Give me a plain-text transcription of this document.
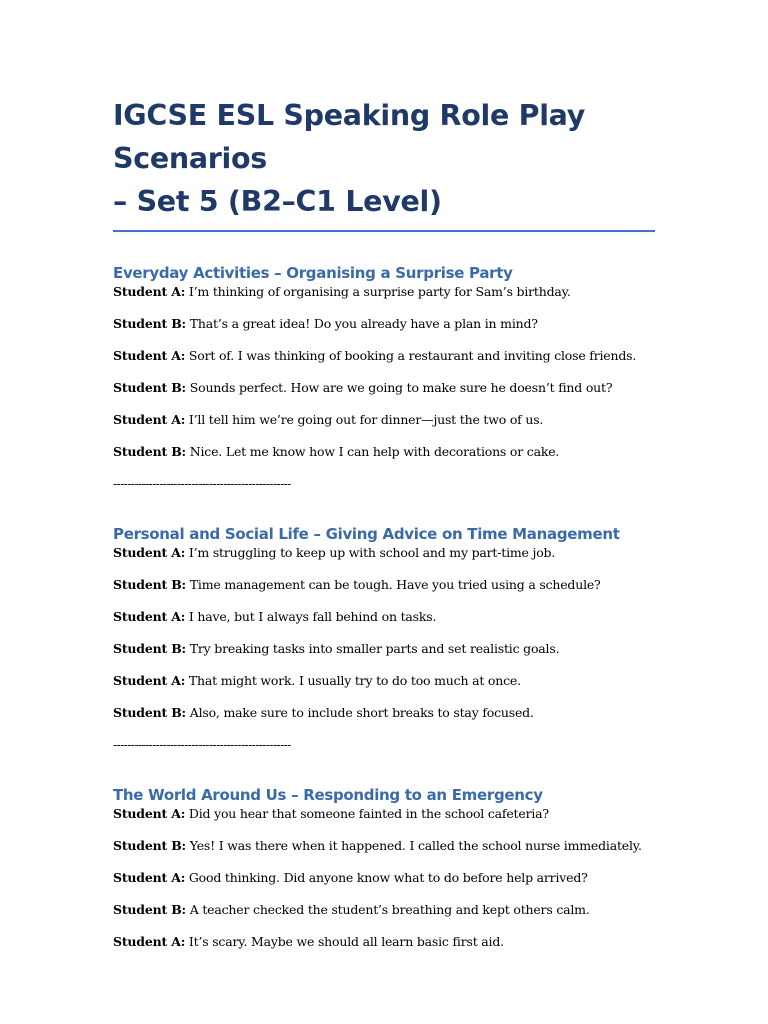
IGCSE ESL Speaking Role Play Scenarios
– Set 5 (B2–C1 Level)
Everyday Activities – Organising a Surprise Party

Student A: I’m thinking of organising a surprise party for Sam’s birthday.

Student B: That’s a great idea! Do you already have a plan in mind?

Student A: Sort of. I was thinking of booking a restaurant and inviting close friends.

Student B: Sounds perfect. How are we going to make sure he doesn’t find out?

Student A: I’ll tell him we’re going out for dinner—just the two of us.

Student B: Nice. Let me know how I can help with decorations or cake.

--------------------------------------------------

Personal and Social Life – Giving Advice on Time Management

Student A: I’m struggling to keep up with school and my part-time job.

Student B: Time management can be tough. Have you tried using a schedule?

Student A: I have, but I always fall behind on tasks.

Student B: Try breaking tasks into smaller parts and set realistic goals.

Student A: That might work. I usually try to do too much at once.

Student B: Also, make sure to include short breaks to stay focused.

--------------------------------------------------

The World Around Us – Responding to an Emergency

Student A: Did you hear that someone fainted in the school cafeteria?

Student B: Yes! I was there when it happened. I called the school nurse immediately.

Student A: Good thinking. Did anyone know what to do before help arrived?

Student B: A teacher checked the student’s breathing and kept others calm.

Student A: It’s scary. Maybe we should all learn basic first aid.
